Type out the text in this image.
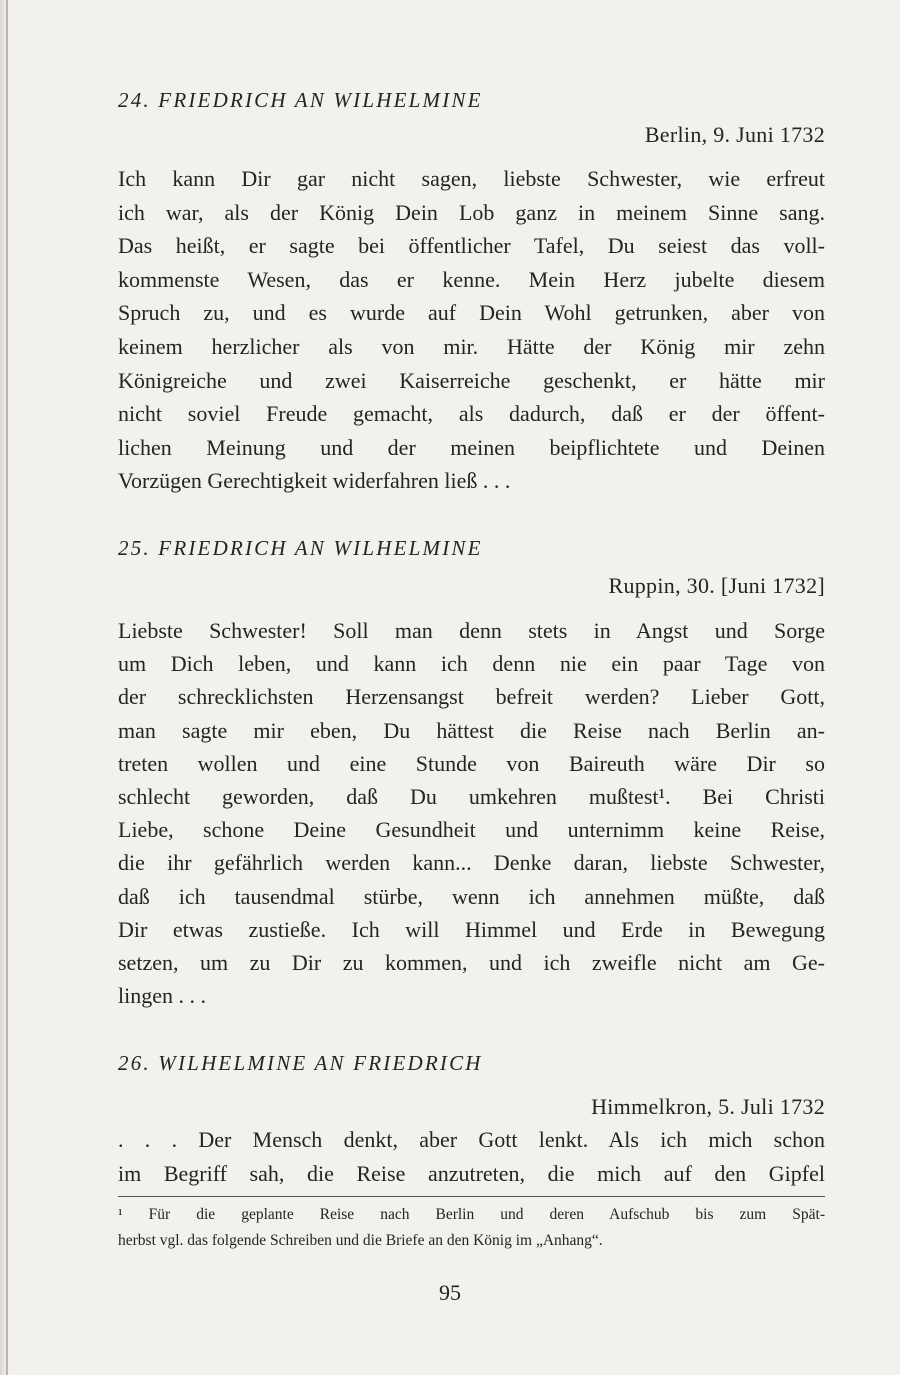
24. FRIEDRICH AN WILHELMINE
Berlin, 9. Juni 1732
Ich kann Dir gar nicht sagen, liebste Schwester, wie erfreut
ich war, als der König Dein Lob ganz in meinem Sinne sang.
Das heißt, er sagte bei öffentlicher Tafel, Du seiest das voll-
kommenste Wesen, das er kenne. Mein Herz jubelte diesem
Spruch zu, und es wurde auf Dein Wohl getrunken, aber von
keinem herzlicher als von mir. Hätte der König mir zehn
Königreiche und zwei Kaiserreiche geschenkt, er hätte mir
nicht soviel Freude gemacht, als dadurch, daß er der öffent-
lichen Meinung und der meinen beipflichtete und Deinen
Vorzügen Gerechtigkeit widerfahren ließ . . .
25. FRIEDRICH AN WILHELMINE
Ruppin, 30. [Juni 1732]
Liebste Schwester! Soll man denn stets in Angst und Sorge
um Dich leben, und kann ich denn nie ein paar Tage von
der schrecklichsten Herzensangst befreit werden? Lieber Gott,
man sagte mir eben, Du hättest die Reise nach Berlin an-
treten wollen und eine Stunde von Baireuth wäre Dir so
schlecht geworden, daß Du umkehren mußtest¹. Bei Christi
Liebe, schone Deine Gesundheit und unternimm keine Reise,
die ihr gefährlich werden kann... Denke daran, liebste Schwester,
daß ich tausendmal stürbe, wenn ich annehmen müßte, daß
Dir etwas zustieße. Ich will Himmel und Erde in Bewegung
setzen, um zu Dir zu kommen, und ich zweifle nicht am Ge-
lingen . . .
26. WILHELMINE AN FRIEDRICH
Himmelkron, 5. Juli 1732
. . . Der Mensch denkt, aber Gott lenkt. Als ich mich schon
im Begriff sah, die Reise anzutreten, die mich auf den Gipfel
¹ Für die geplante Reise nach Berlin und deren Aufschub bis zum Spät-
herbst vgl. das folgende Schreiben und die Briefe an den König im „Anhang“.
95
